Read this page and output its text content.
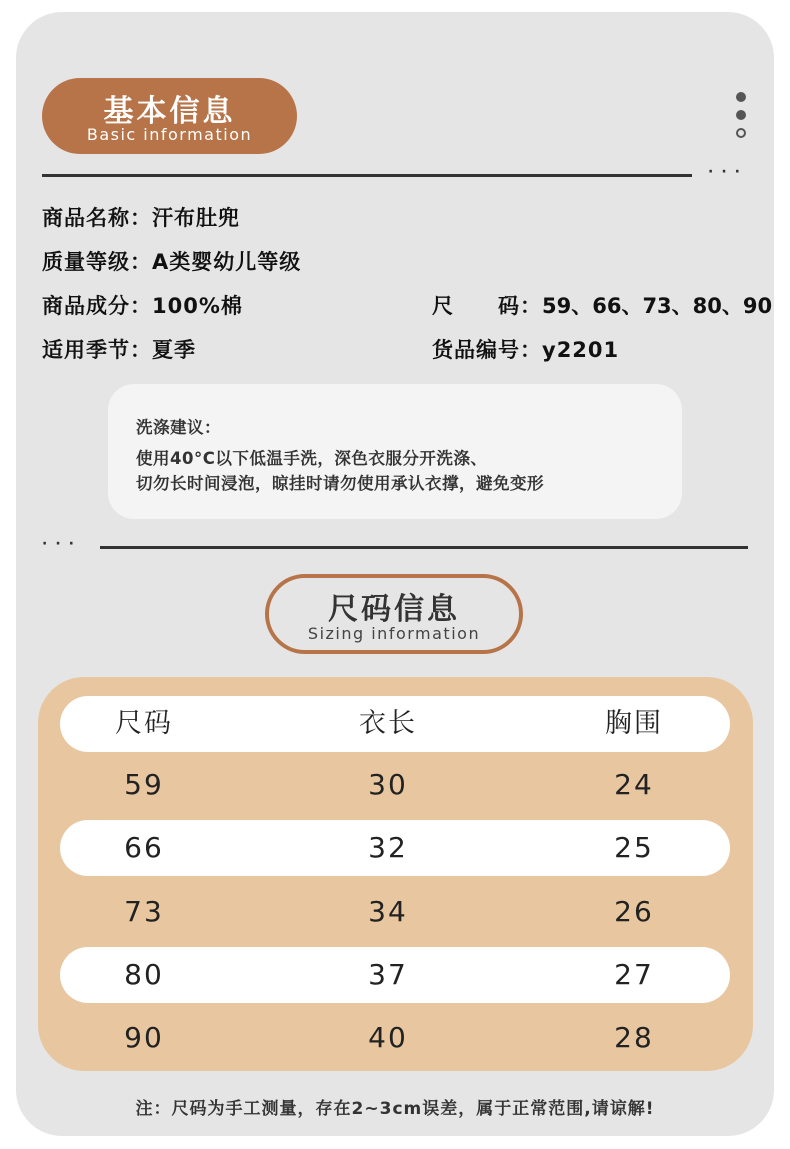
基本信息
Basic information
···
商品名称：汗布肚兜
质量等级：A类婴幼儿等级
商品成分：100%棉	尺　　码：59、66、73、80、90
适用季节：夏季	货品编号：y2201
洗涤建议：
使用40°C以下低温手洗，深色衣服分开洗涤、
切勿长时间浸泡，晾挂时请勿使用承认衣撑，避免变形
···
尺码信息
Sizing information
尺码	衣长	胸围
59	30	24
66	32	25
73	34	26
80	37	27
90	40	28
注：尺码为手工测量，存在2~3cm误差，属于正常范围,请谅解!
